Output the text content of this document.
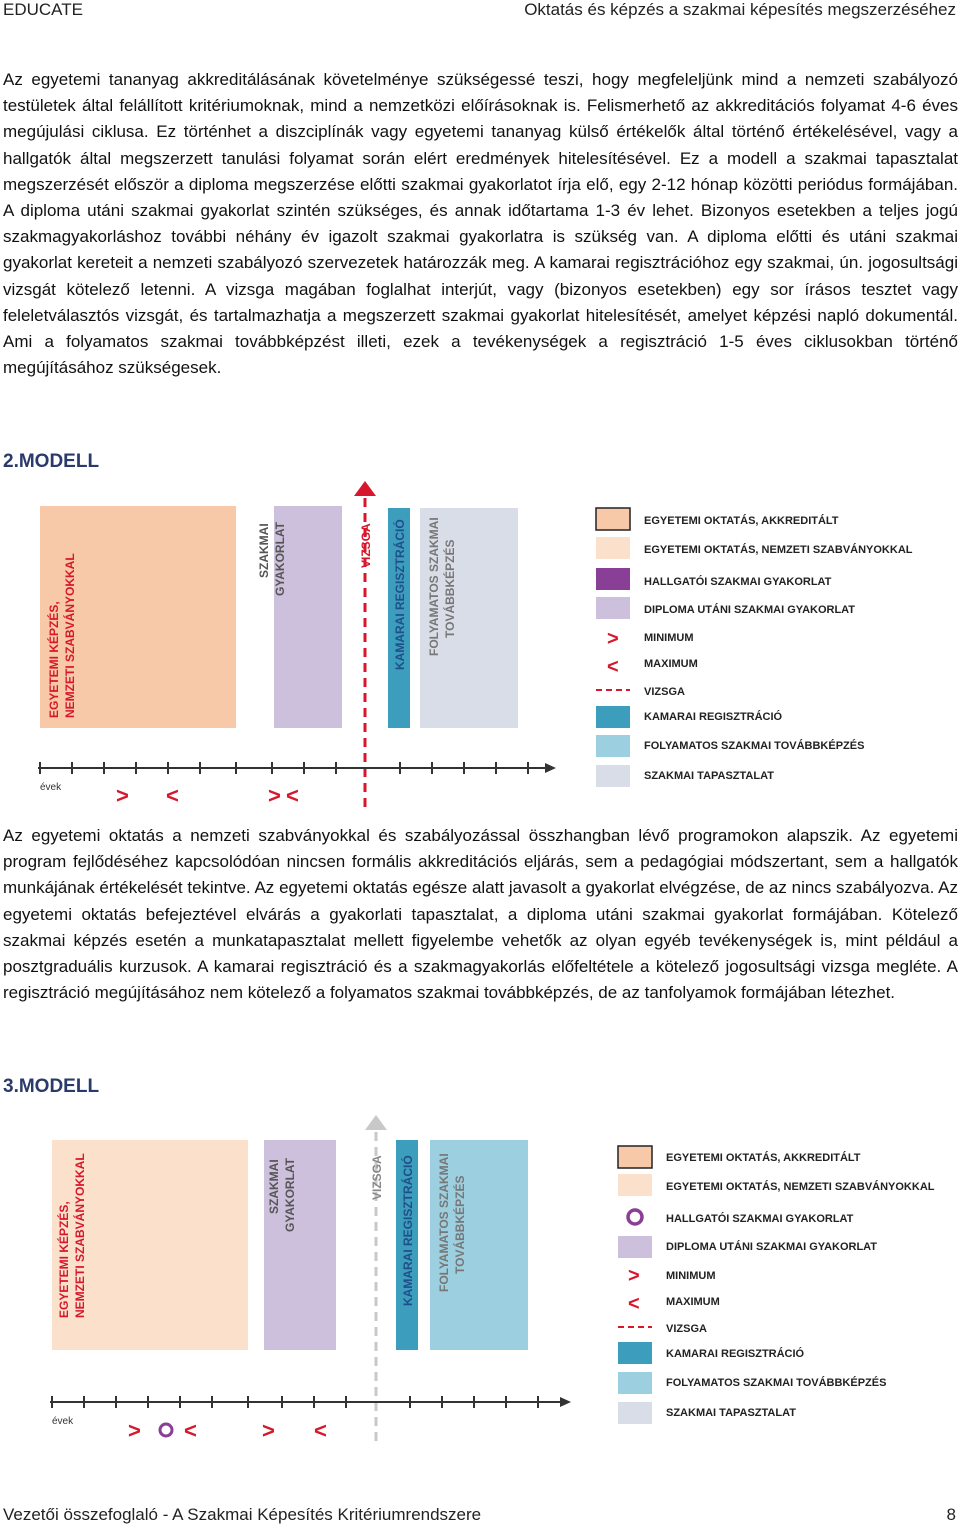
EDUCATE	Oktatás és képzés a szakmai képesítés megszerzéséhez

Az egyetemi tananyag akkreditálásának követelménye szükségessé teszi, hogy megfeleljünk mind a nemzeti szabályozó testületek által felállított kritériumoknak, mind a nemzetközi előírásoknak is. Felismerhető az akkreditációs folyamat 4-6 éves megújulási ciklusa. Ez történhet a diszciplínák vagy egyetemi tananyag külső értékelők által történő értékelésével, vagy a hallgatók által megszerzett tanulási folyamat során elért eredmények hitelesítésével. Ez a modell a szakmai tapasztalat megszerzését először a diploma megszerzése előtti szakmai gyakorlatot írja elő, egy 2-12 hónap közötti periódus formájában. A diploma utáni szakmai gyakorlat szintén szükséges, és annak időtartama 1-3 év lehet. Bizonyos esetekben a teljes jogú szakmagyakorláshoz további néhány év igazolt szakmai gyakorlatra is szükség van. A diploma előtti és utáni szakmai gyakorlat kereteit a nemzeti szabályozó szervezetek határozzák meg. A kamarai regisztrációhoz egy szakmai, ún. jogosultsági vizsgát kötelező letenni. A vizsga magában foglalhat interjút, vagy (bizonyos esetekben) egy sor írásos tesztet vagy feleletválasztós vizsgát, és tartalmazhatja a megszerzett szakmai gyakorlat hitelesítését, amelyet képzési napló dokumentál. Ami a folyamatos szakmai továbbképzést illeti, ezek a tevékenységek a regisztráció 1-5 éves ciklusokban történő megújításához szükségesek.

2.MODELL

EGYETEMI KÉPZÉS, NEMZETI SZABVÁNYOKKAL
SZAKMAI GYAKORLAT	VIZSGA KAMARAI REGISZTRÁCIÓ FOLYAMATOS SZAKMAI TOVÁBBKÉPZÉS
évek > <	> <
EGYETEMI OKTATÁS, AKKREDITÁLT
EGYETEMI OKTATÁS, NEMZETI SZABVÁNYOKKAL
HALLGATÓI SZAKMAI GYAKORLAT
DIPLOMA UTÁNI SZAKMAI GYAKORLAT
> MINIMUM
< MAXIMUM
VIZSGA
KAMARAI REGISZTRÁCIÓ
FOLYAMATOS SZAKMAI TOVÁBBKÉPZÉS
SZAKMAI TAPASZTALAT

Az egyetemi oktatás a nemzeti szabványokkal és szabályozással összhangban lévő programokon alapszik. Az egyetemi program fejlődéséhez kapcsolódóan nincsen formális akkreditációs eljárás, sem a pedagógiai módszertant, sem a hallgatók munkájának értékelését tekintve. Az egyetemi oktatás egésze alatt javasolt a gyakorlat elvégzése, de az nincs szabályozva. Az egyetemi oktatás befejeztével elvárás a gyakorlati tapasztalat, a diploma utáni szakmai gyakorlat formájában. Kötelező szakmai képzés esetén a munkatapasztalat mellett figyelembe vehetők az olyan egyéb tevékenységek is, mint például a posztgraduális kurzusok. A kamarai regisztráció és a szakmagyakorlás előfeltétele a kötelező jogosultsági vizsga megléte. A regisztráció megújításához nem kötelező a folyamatos szakmai továbbképzés, de az tanfolyamok formájában létezhet.

3.MODELL

EGYETEMI KÉPZÉS, NEMZETI SZABVÁNYOKKAL	SZAKMAI GYAKORLAT	VIZSGA KAMARAI REGISZTRÁCIÓ FOLYAMATOS SZAKMAI TOVÁBBKÉPZÉS
évek > <	> <
EGYETEMI OKTATÁS, AKKREDITÁLT
EGYETEMI OKTATÁS, NEMZETI SZABVÁNYOKKAL
HALLGATÓI SZAKMAI GYAKORLAT
DIPLOMA UTÁNI SZAKMAI GYAKORLAT
> MINIMUM
< MAXIMUM
VIZSGA
KAMARAI REGISZTRÁCIÓ
FOLYAMATOS SZAKMAI TOVÁBBKÉPZÉS
SZAKMAI TAPASZTALAT
Vezetői összefoglaló - A Szakmai Képesítés Kritériumrendszere	8
